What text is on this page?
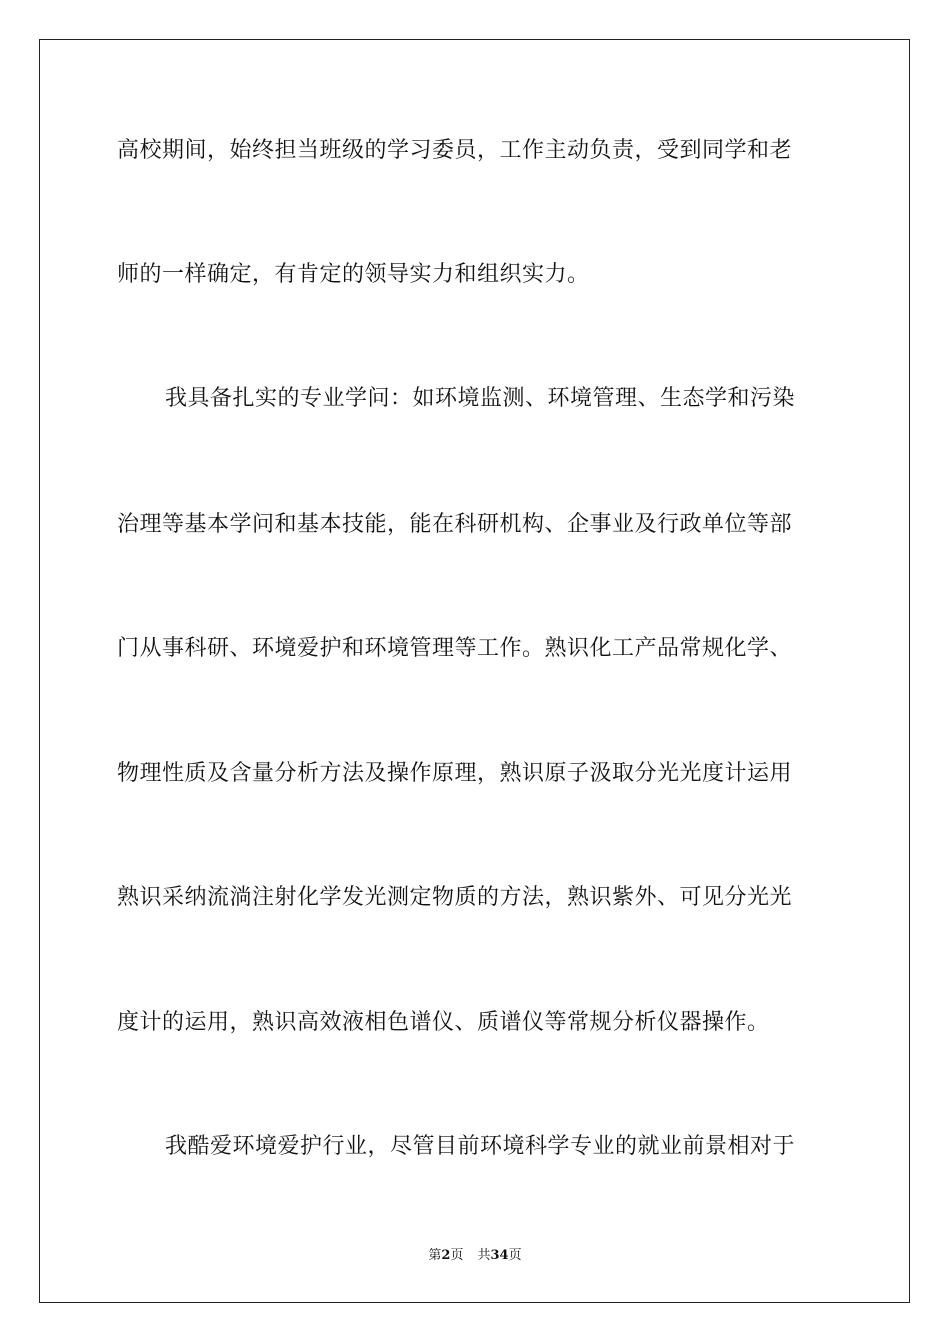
高校期间，始终担当班级的学习委员，工作主动负责，受到同学和老
师的一样确定，有肯定的领导实力和组织实力。
我具备扎实的专业学问：如环境监测、环境管理、生态学和污染
治理等基本学问和基本技能，能在科研机构、企事业及行政单位等部
门从事科研、环境爱护和环境管理等工作。熟识化工产品常规化学、
物理性质及含量分析方法及操作原理，熟识原子汲取分光光度计运用
熟识采纳流淌注射化学发光测定物质的方法，熟识紫外、可见分光光
度计的运用，熟识高效液相色谱仪、质谱仪等常规分析仪器操作。
我酷爱环境爱护行业，尽管目前环境科学专业的就业前景相对于
第2页 共34页
